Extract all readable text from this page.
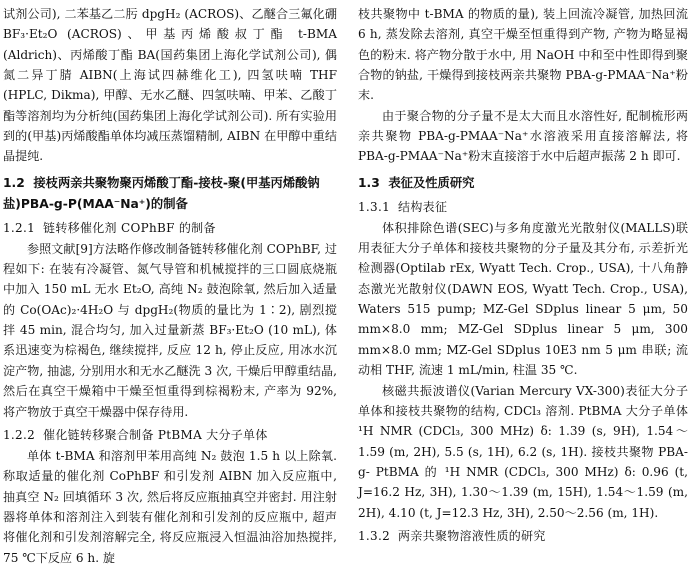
试剂公司), 二苯基乙二肟 dpgH₂ (ACROS)、乙醚合三氟化硼 BF₃·Et₂O (ACROS)、甲基丙烯酸叔丁酯 t-BMA (Aldrich)、丙烯酸丁酯 BA(国药集团上海化学试剂公司), 偶氮二异丁腈 AIBN(上海试四赫维化工), 四氢呋喃 THF (HPLC, Dikma), 甲醇、无水乙醚、四氢呋喃、甲苯、乙酸丁酯等溶剂均为分析纯(国药集团上海化学试剂公司). 所有实验用到的(甲基)丙烯酸酯单体均减压蒸馏精制, AIBN 在甲醇中重结晶提纯.

1.2 接枝两亲共聚物聚丙烯酸丁酯-接枝-聚(甲基丙烯酸钠盐)PBA-g-P(MAA⁻Na⁺)的制备
1.2.1 链转移催化剂 COPhBF 的制备

参照文献[9]方法略作修改制备链转移催化剂 COPhBF, 过程如下: 在装有冷凝管、氮气导管和机械搅拌的三口圆底烧瓶中加入 150 mL 无水 Et₂O, 高纯 N₂ 鼓泡除氧, 然后加入适量的 Co(OAc)₂·4H₂O 与 dpgH₂(物质的量比为 1∶2), 剧烈搅拌 45 min, 混合均匀, 加入过量新蒸 BF₃·Et₂O (10 mL), 体系迅速变为棕褐色, 继续搅拌, 反应 12 h, 停止反应, 用冰水沉淀产物, 抽滤, 分别用水和无水乙醚洗 3 次, 干燥后甲醇重结晶, 然后在真空干燥箱中干燥至恒重得到棕褐粉末, 产率为 92%, 将产物放于真空干燥器中保存待用.

1.2.2 催化链转移聚合制备 PtBMA 大分子单体

单体 t-BMA 和溶剂甲苯用高纯 N₂ 鼓泡 1.5 h 以上除氧. 称取适量的催化剂 CoPhBF 和引发剂 AIBN 加入反应瓶中, 抽真空 N₂ 回填循环 3 次, 然后将反应瓶抽真空并密封. 用注射器将单体和溶剂注入到装有催化剂和引发剂的反应瓶中, 超声将催化剂和引发剂溶解完全, 将反应瓶浸入恒温油浴加热搅拌, 75 ℃下反应 6 h. 旋

枝共聚物中 t-BMA 的物质的量), 装上回流冷凝管, 加热回流 6 h, 蒸发除去溶剂, 真空干燥至恒重得到产物, 产物为略显褐色的粉末. 将产物分散于水中, 用 NaOH 中和至中性即得到聚合物的钠盐, 干燥得到接枝两亲共聚物 PBA-g-PMAA⁻Na⁺粉末.

由于聚合物的分子量不是太大而且水溶性好, 配制梳形两亲共聚物 PBA-g-PMAA⁻Na⁺水溶液采用直接溶解法, 将 PBA-g-PMAA⁻Na⁺粉末直接溶于水中后超声振荡 2 h 即可.

1.3 表征及性质研究
1.3.1 结构表征

体积排除色谱(SEC)与多角度激光光散射仪(MALLS)联用表征大分子单体和接枝共聚物的分子量及其分布, 示差折光检测器(Optilab rEx, Wyatt Tech. Crop., USA), 十八角静态激光光散射仪(DAWN EOS, Wyatt Tech. Crop., USA), Waters 515 pump; MZ-Gel SDplus linear 5 μm, 50 mm×8.0 mm; MZ-Gel SDplus linear 5 μm, 300 mm×8.0 mm; MZ-Gel SDplus 10E3 nm 5 μm 串联; 流动相 THF, 流速 1 mL/min, 柱温 35 ℃.

核磁共振波谱仪(Varian Mercury VX-300)表征大分子单体和接枝共聚物的结构, CDCl₃ 溶剂. PtBMA 大分子单体 ¹H NMR (CDCl₃, 300 MHz) δ: 1.39 (s, 9H), 1.54～1.59 (m, 2H), 5.5 (s, 1H), 6.2 (s, 1H). 接枝共聚物 PBA-g- PtBMA 的 ¹H NMR (CDCl₃, 300 MHz) δ: 0.96 (t, J=16.2 Hz, 3H), 1.30～1.39 (m, 15H), 1.54～1.59 (m, 2H), 4.10 (t, J=12.3 Hz, 3H), 2.50～2.56 (m, 1H).

1.3.2 两亲共聚物溶液性质的研究
